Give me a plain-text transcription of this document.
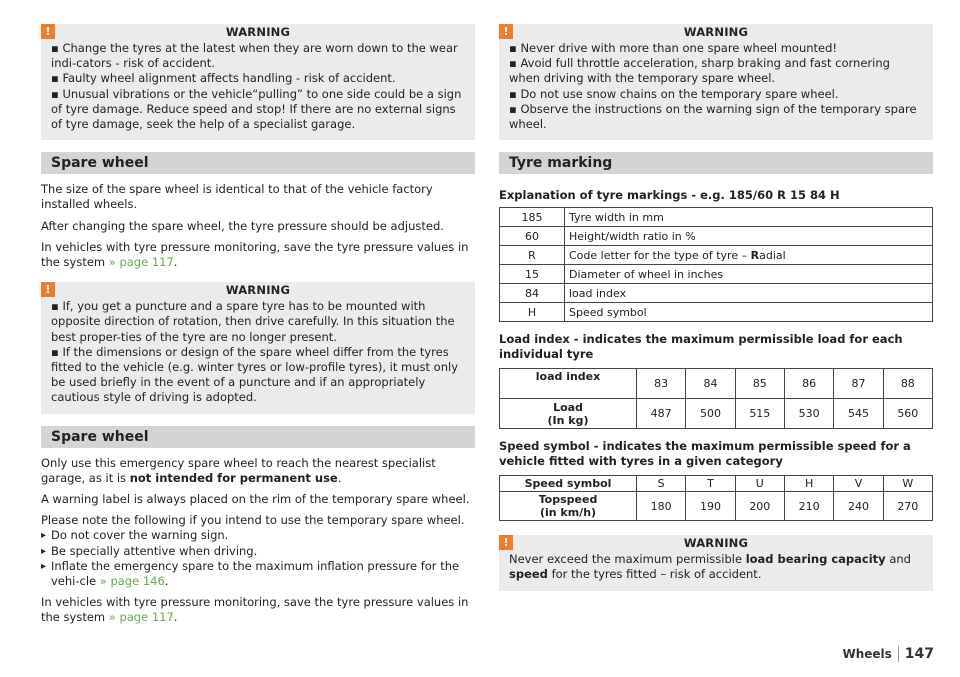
!	WARNING

▪ Change the tyres at the latest when they are worn down to the wear indi-cators - risk of accident.

▪ Faulty wheel alignment affects handling - risk of accident.

▪ Unusual vibrations or the vehicle“pulling” to one side could be a sign of tyre damage. Reduce speed and stop! If there are no external signs of tyre damage, seek the help of a specialist garage.

Spare wheel

The size of the spare wheel is identical to that of the vehicle factory installed wheels.

After changing the spare wheel, the tyre pressure should be adjusted.

In vehicles with tyre pressure monitoring, save the tyre pressure values in the system » page 117.

!	WARNING

▪ If, you get a puncture and a spare tyre has to be mounted with opposite direction of rotation, then drive carefully. In this situation the best proper-ties of the tyre are no longer present.

▪ If the dimensions or design of the spare wheel differ from the tyres fitted to the vehicle (e.g. winter tyres or low-profile tyres), it must only be used briefly in the event of a puncture and if an appropriately cautious style of driving is adopted.

Spare wheel

Only use this emergency spare wheel to reach the nearest specialist garage, as it is not intended for permanent use.

A warning label is always placed on the rim of the temporary spare wheel.

Please note the following if you intend to use the temporary spare wheel.

▸ Do not cover the warning sign.
▸ Be specially attentive when driving.
▸ Inflate the emergency spare to the maximum inflation pressure for the vehi-cle » page 146.

In vehicles with tyre pressure monitoring, save the tyre pressure values in the system » page 117.

!	WARNING

▪ Never drive with more than one spare wheel mounted!

▪ Avoid full throttle acceleration, sharp braking and fast cornering when driving with the temporary spare wheel.

▪ Do not use snow chains on the temporary spare wheel.

▪ Observe the instructions on the warning sign of the temporary spare wheel.

Tyre marking

Explanation of tyre markings - e.g. 185/60 R 15 84 H

185	Tyre width in mm
60	Height/width ratio in %
R	Code letter for the type of tyre – Radial
15	Diameter of wheel in inches
84	load index
H	Speed symbol

Load index - indicates the maximum permissible load for each individual tyre

load index	83	84	85	86	87	88
Load
(In kg)	487	500	515	530	545	560

Speed symbol - indicates the maximum permissible speed for a vehicle fitted with tyres in a given category

Speed symbol	S	T	U	H	V	W
Topspeed
(in km/h)	180	190	200	210	240	270
!	WARNING

Never exceed the maximum permissible load bearing capacity and speed for the tyres fitted – risk of accident.

Wheels 147
